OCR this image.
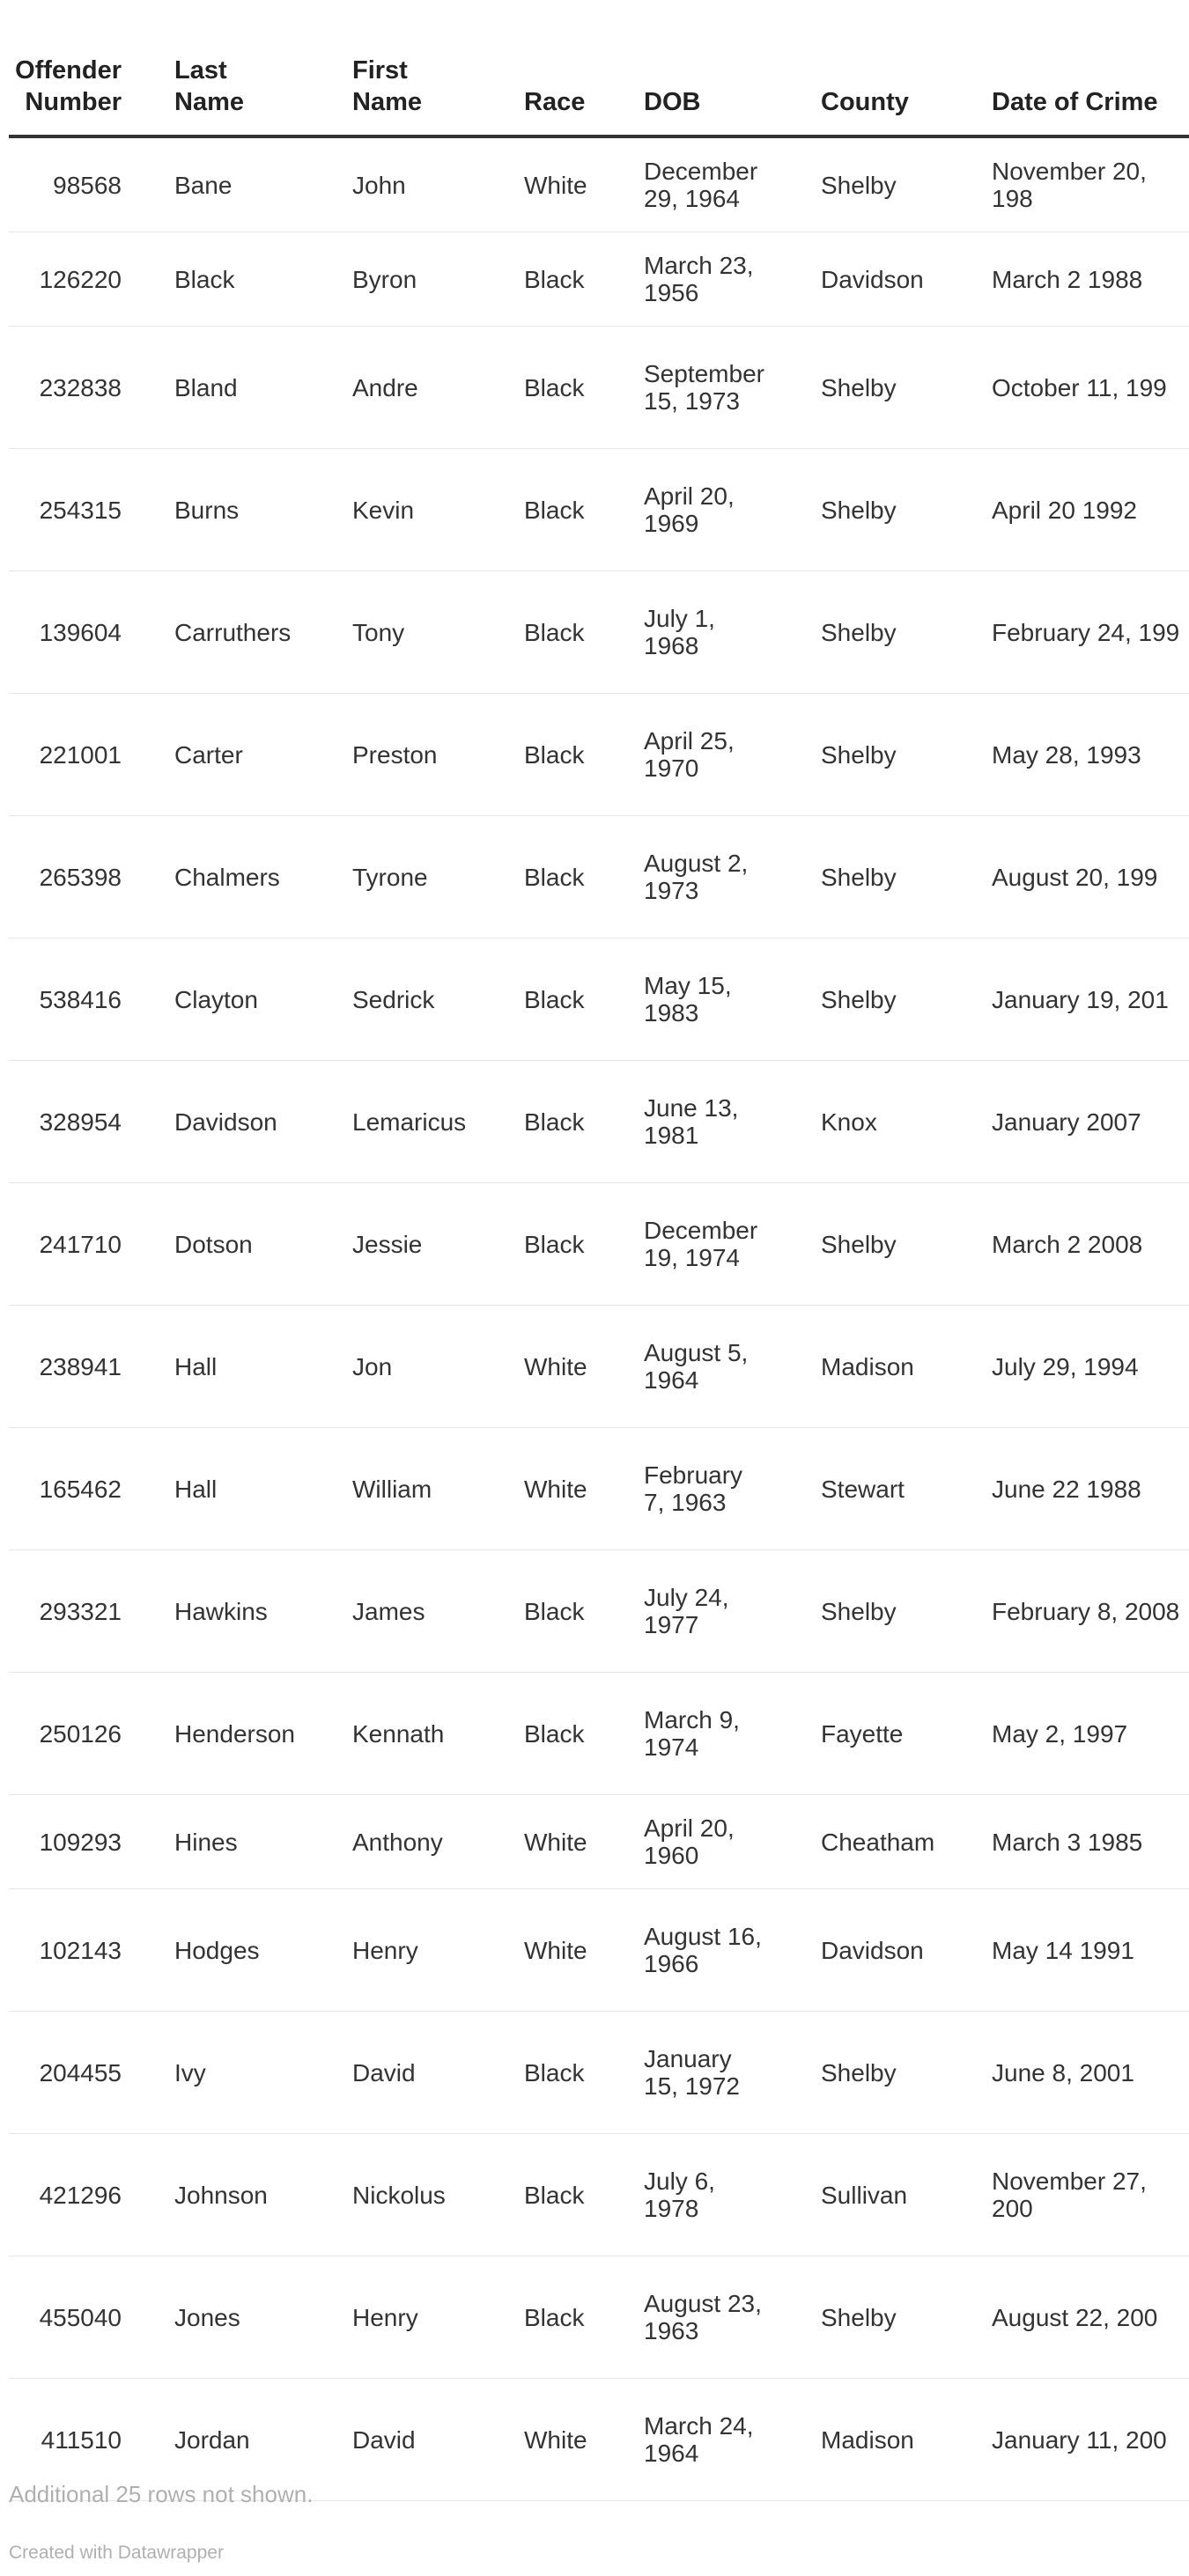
Offender Number	Last Name	First Name	Race	DOB	County	Date of Crime

98568	Bane	John	White	December 29, 1964	Shelby	November 20, 198

126220	Black	Byron	Black	March 23, 1956	Davidson	March 2 1988

232838	Bland	Andre	Black	September 15, 1973	Shelby	October 11, 199

254315	Burns	Kevin	Black	April 20, 1969	Shelby	April 20 1992

139604	Carruthers	Tony	Black	July 1, 1968	Shelby	February 24, 199

221001	Carter	Preston	Black	April 25, 1970	Shelby	May 28, 1993

265398	Chalmers	Tyrone	Black	August 2, 1973	Shelby	August 20, 199

538416	Clayton	Sedrick	Black	May 15, 1983	Shelby	January 19, 201

328954	Davidson	Lemaricus	Black	June 13, 1981	Knox	January 2007

241710	Dotson	Jessie	Black	December 19, 1974	Shelby	March 2 2008

238941	Hall	Jon	White	August 5, 1964	Madison	July 29, 1994

165462	Hall	William	White	February 7, 1963	Stewart	June 22 1988

293321	Hawkins	James	Black	July 24, 1977	Shelby	February 8, 2008

250126	Henderson	Kennath	Black	March 9, 1974	Fayette	May 2, 1997

109293	Hines	Anthony	White	April 20, 1960	Cheatham	March 3 1985

102143	Hodges	Henry	White	August 16, 1966	Davidson	May 14 1991

204455	Ivy	David	Black	January 15, 1972	Shelby	June 8, 2001

421296	Johnson	Nickolus	Black	July 6, 1978	Sullivan	November 27, 200

455040	Jones	Henry	Black	August 23, 1963	Shelby	August 22, 200

411510	Jordan	David	White	March 24, 1964	Madison	January 11, 200
Additional 25 rows not shown.
Created with Datawrapper
